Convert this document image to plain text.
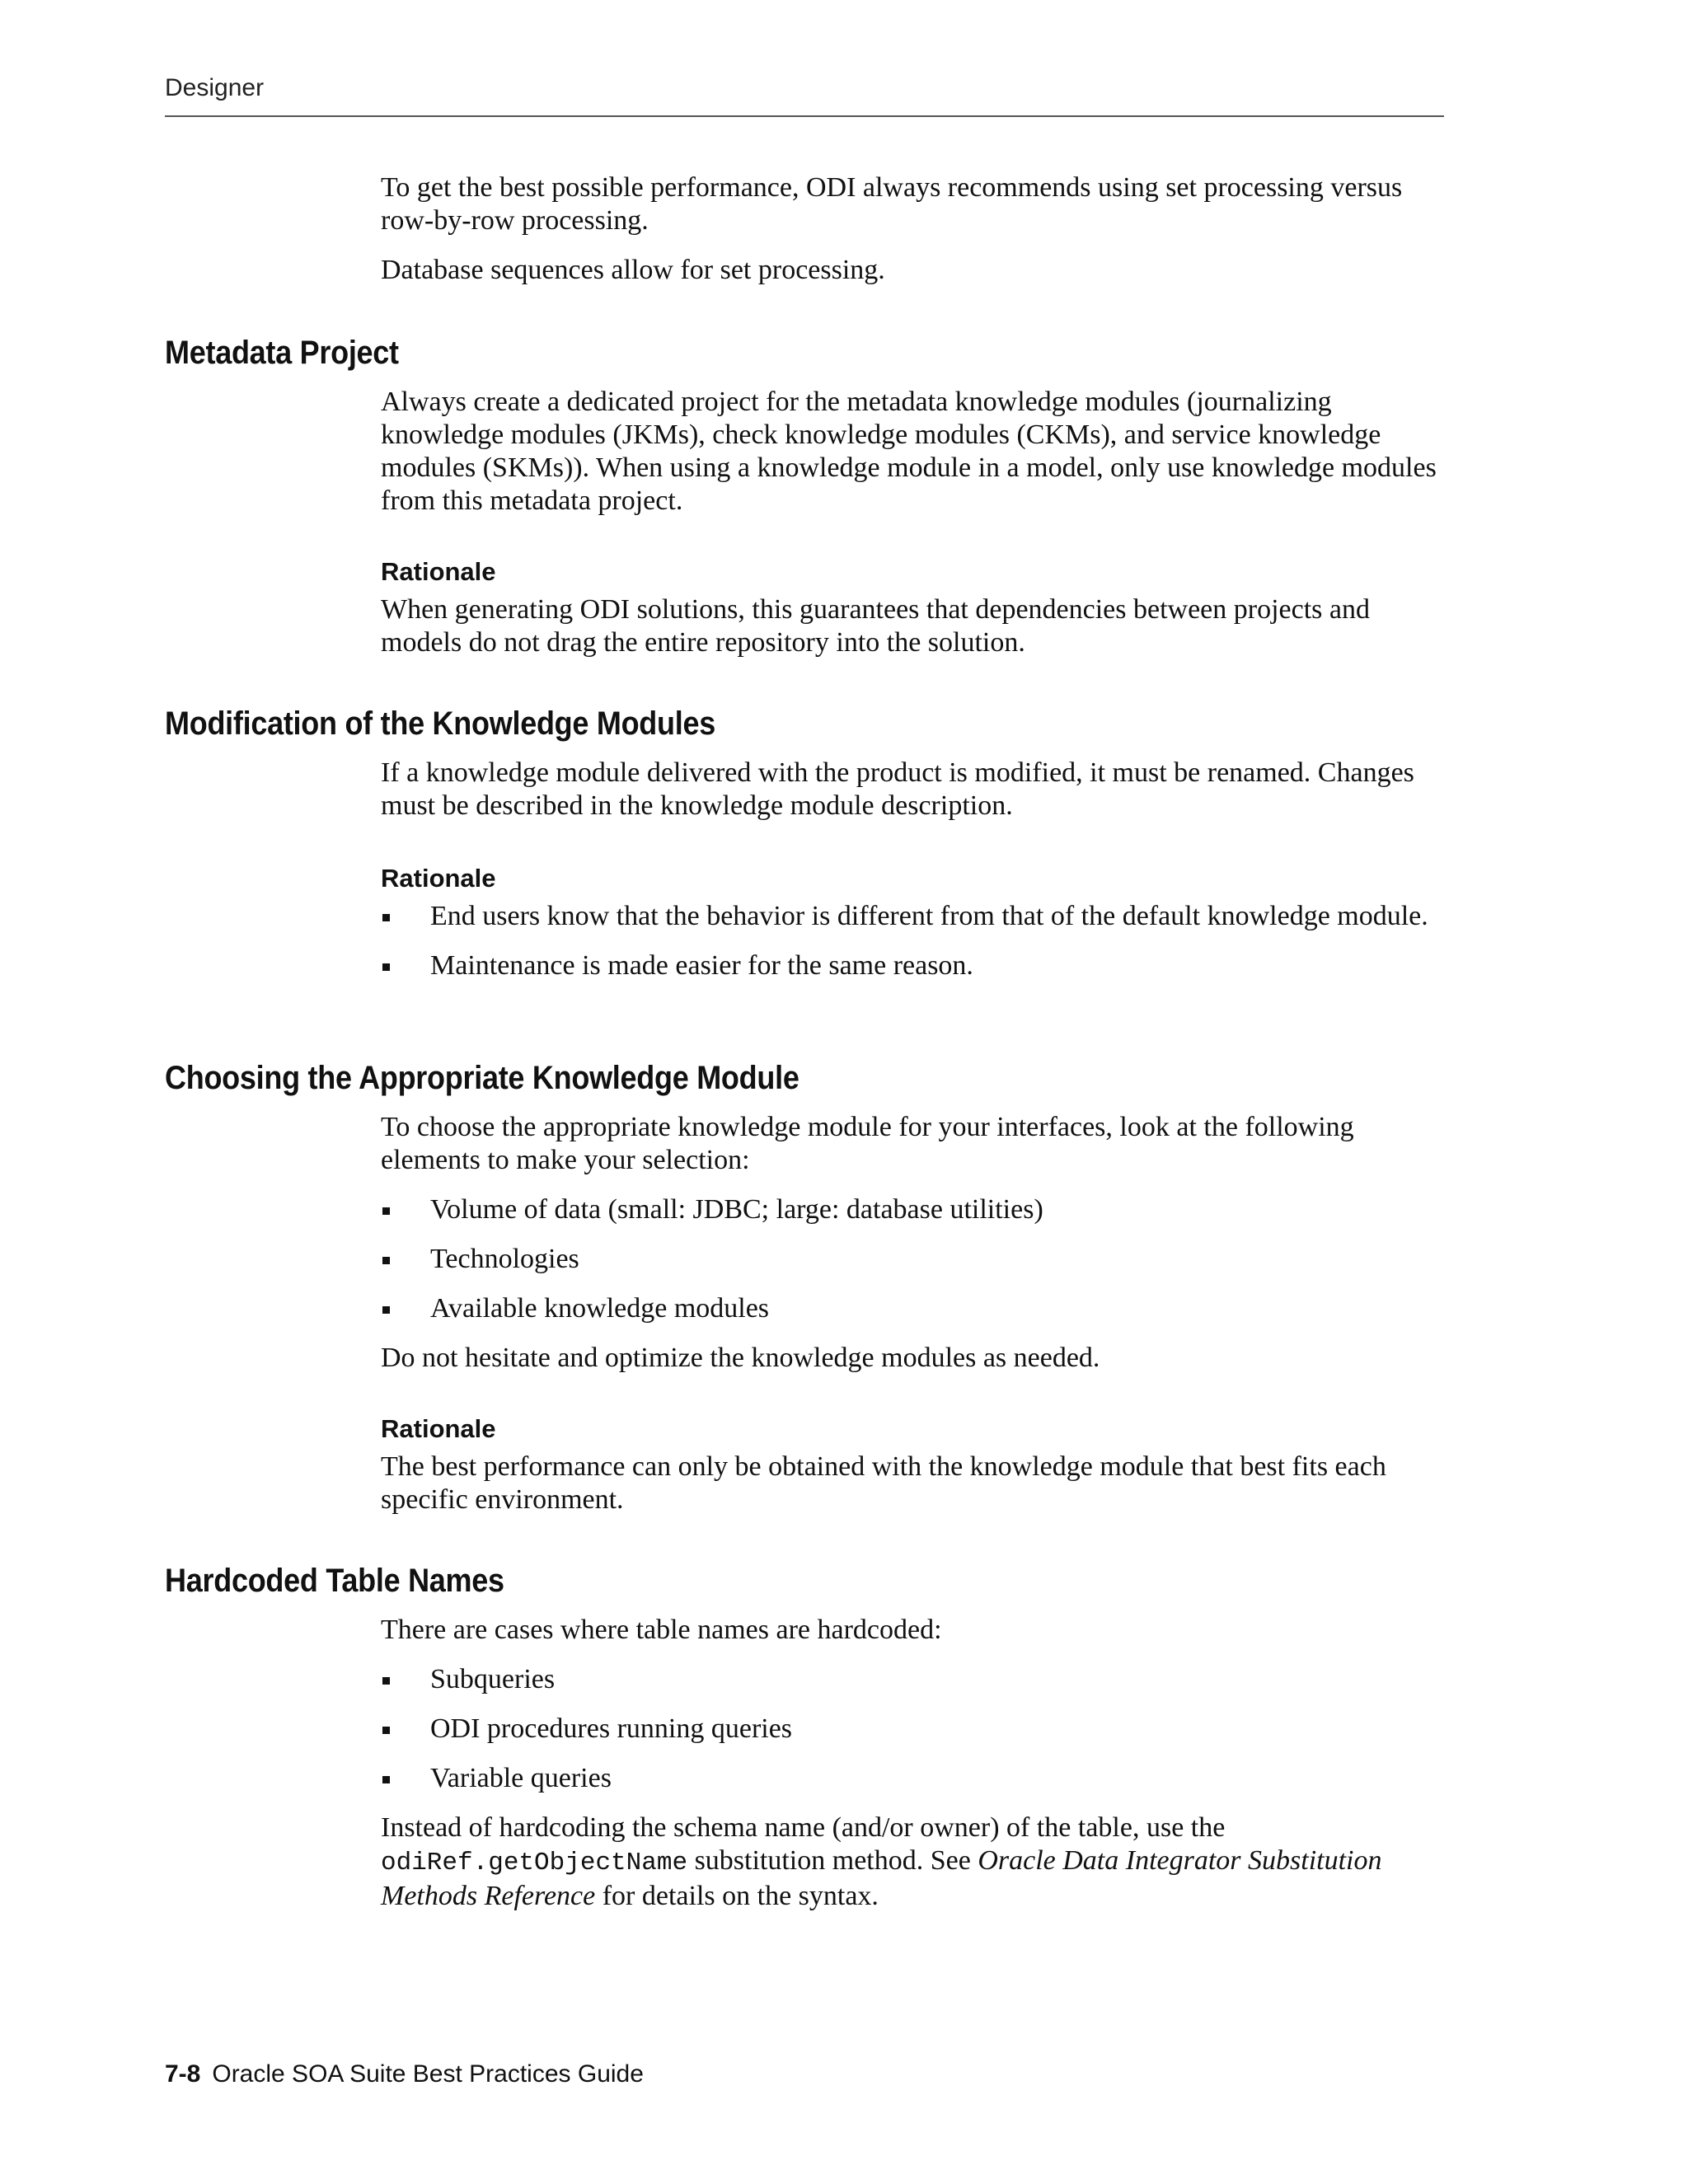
Designer

To get the best possible performance, ODI always recommends using set processing versus row-by-row processing.

Database sequences allow for set processing.

Metadata Project

Always create a dedicated project for the metadata knowledge modules (journalizing knowledge modules (JKMs), check knowledge modules (CKMs), and service knowledge modules (SKMs)). When using a knowledge module in a model, only use knowledge modules from this metadata project.

Rationale

When generating ODI solutions, this guarantees that dependencies between projects and models do not drag the entire repository into the solution.

Modification of the Knowledge Modules

If a knowledge module delivered with the product is modified, it must be renamed. Changes must be described in the knowledge module description.

Rationale
End users know that the behavior is different from that of the default knowledge module.
Maintenance is made easier for the same reason.
Choosing the Appropriate Knowledge Module

To choose the appropriate knowledge module for your interfaces, look at the following elements to make your selection:

Volume of data (small: JDBC; large: database utilities)
Technologies
Available knowledge modules

Do not hesitate and optimize the knowledge modules as needed.

Rationale

The best performance can only be obtained with the knowledge module that best fits each specific environment.

Hardcoded Table Names

There are cases where table names are hardcoded:

Subqueries
ODI procedures running queries
Variable queries

Instead of hardcoding the schema name (and/or owner) of the table, use the odiRef.getObjectName substitution method. See Oracle Data Integrator Substitution Methods Reference for details on the syntax.

7-8 Oracle SOA Suite Best Practices Guide
